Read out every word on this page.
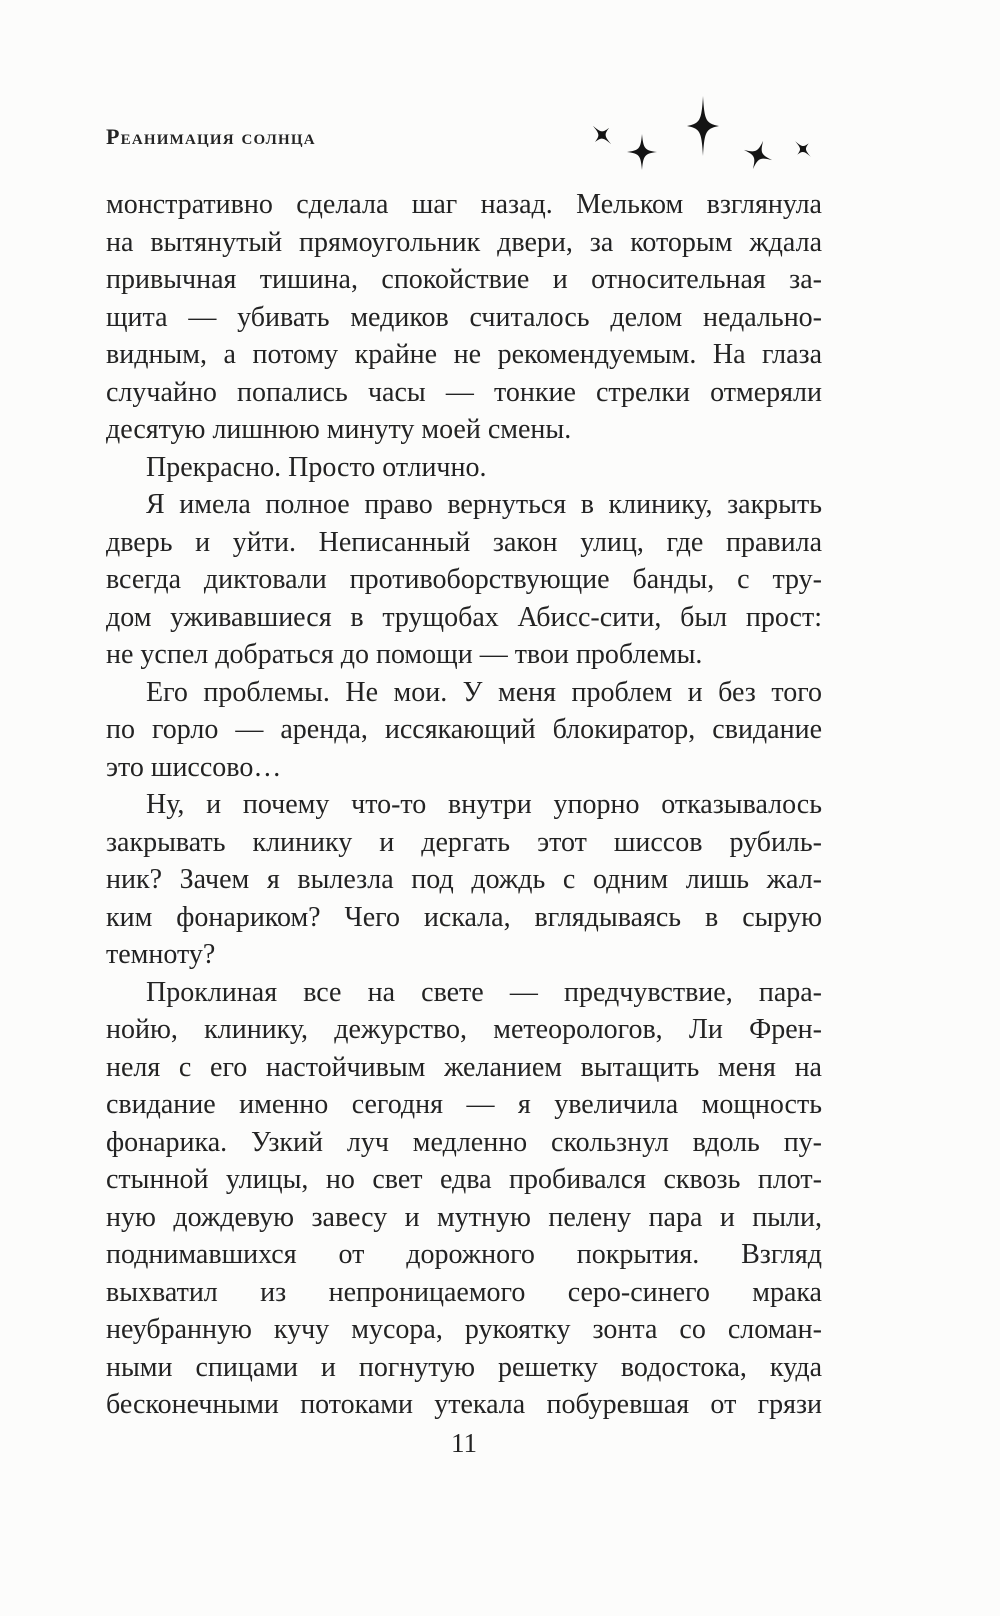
Реанимация солнца
монстративно сделала шаг назад. Мельком взглянула
на вытянутый прямоугольник двери, за которым ждала
привычная тишина, спокойствие и относительная за-
щита — убивать медиков считалось делом недально-
видным, а потому крайне не рекомендуемым. На глаза
случайно попались часы — тонкие стрелки отмеряли
десятую лишнюю минуту моей смены.
Прекрасно. Просто отлично.
Я имела полное право вернуться в клинику, закрыть
дверь и уйти. Неписанный закон улиц, где правила
всегда диктовали противоборствующие банды, с тру-
дом уживавшиеся в трущобах Абисс-сити, был прост:
не успел добраться до помощи — твои проблемы.
Его проблемы. Не мои. У меня проблем и без того
по горло — аренда, иссякающий блокиратор, свидание
это шиссово…
Ну, и почему что-то внутри упорно отказывалось
закрывать клинику и дергать этот шиссов рубиль-
ник? Зачем я вылезла под дождь с одним лишь жал-
ким фонариком? Чего искала, вглядываясь в сырую
темноту?
Проклиная все на свете — предчувствие, пара-
нойю, клинику, дежурство, метеорологов, Ли Френ-
неля с его настойчивым желанием вытащить меня на
свидание именно сегодня — я увеличила мощность
фонарика. Узкий луч медленно скользнул вдоль пу-
стынной улицы, но свет едва пробивался сквозь плот-
ную дождевую завесу и мутную пелену пара и пыли,
поднимавшихся от дорожного покрытия. Взгляд
выхватил из непроницаемого серо-синего мрака
неубранную кучу мусора, рукоятку зонта со сломан-
ными спицами и погнутую решетку водостока, куда
бесконечными потоками утекала побуревшая от грязи
11
